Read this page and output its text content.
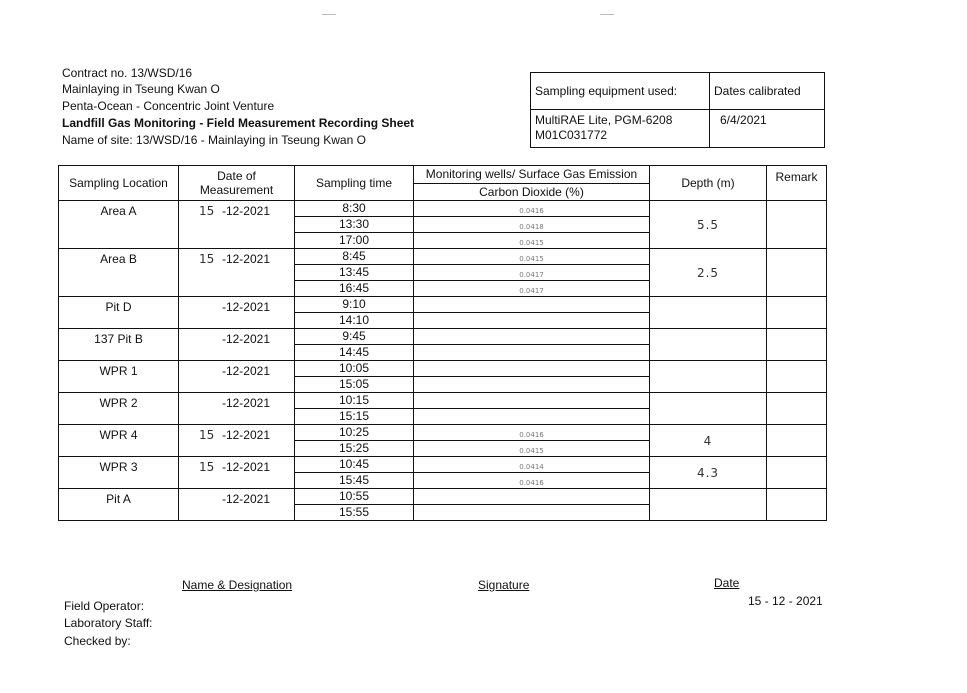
Contract no. 13/WSD/16
Mainlaying in Tseung Kwan O
Penta-Ocean - Concentric Joint Venture
Landfill Gas Monitoring - Field Measurement Recording Sheet
Name of site: 13/WSD/16 - Mainlaying in Tseung Kwan O
Sampling equipment used:	Dates calibrated

MultiRAE Lite, PGM-6208
M01C031772	6/4/2021
Sampling Location	Date of Measurement	Sampling time	Monitoring wells/ Surface Gas Emission	Depth (m)	Remark
			Carbon Dioxide (%)		
Area A	15 -12-2021	8:30	0.0416	5.5	
		13:30	0.0418		
		17:00	0.0415		
Area B	15 -12-2021	8:45	0.0415	2.5	
		13:45	0.0417		
		16:45	0.0417		
Pit D	-12-2021	9:10			
		14:10			
137 Pit B	-12-2021	9:45			
		14:45			
WPR 1	-12-2021	10:05			
		15:05			
WPR 2	-12-2021	10:15			
		15:15			
WPR 4	15 -12-2021	10:25	0.0416	4	
		15:25	0.0415		
WPR 3	15 -12-2021	10:45	0.0414	4.3	
		15:45	0.0416		
Pit A	-12-2021	10:55			
		15:55			
Name & Designation	Signature	Date
15 - 12 - 2021
Field Operator:
Laboratory Staff:
Checked by:
